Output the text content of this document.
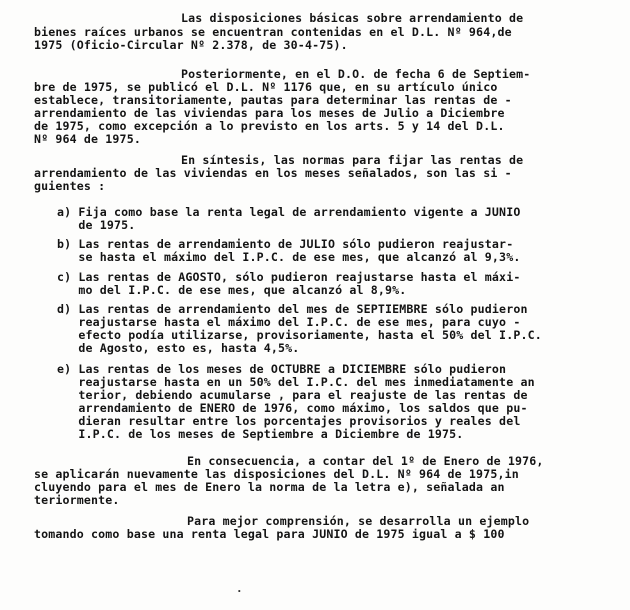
Las disposiciones básicas sobre arrendamiento de
bienes raíces urbanos se encuentran contenidas en el D.L. Nº 964,de
1975 (Oficio-Circular Nº 2.378, de 30-4-75).
Posteriormente, en el D.O. de fecha 6 de Septiem-
bre de 1975, se publicó el D.L. Nº 1176 que, en su artículo único
establece, transitoriamente, pautas para determinar las rentas de -
arrendamiento de las viviendas para los meses de Julio a Diciembre
de 1975, como excepción a lo previsto en los arts. 5 y 14 del D.L.
Nº 964 de 1975.
En síntesis, las normas para fijar las rentas de
arrendamiento de las viviendas en los meses señalados, son las si -
guientes :
a) Fija como base la renta legal de arrendamiento vigente a JUNIO
de 1975.
b) Las rentas de arrendamiento de JULIO sólo pudieron reajustar-
se hasta el máximo del I.P.C. de ese mes, que alcanzó al 9,3%.
c) Las rentas de AGOSTO, sólo pudieron reajustarse hasta el máxi-
mo del I.P.C. de ese mes, que alcanzó al 8,9%.
d) Las rentas de arrendamiento del mes de SEPTIEMBRE sólo pudieron
reajustarse hasta el máximo del I.P.C. de ese mes, para cuyo -
efecto podía utilizarse, provisoriamente, hasta el 50% del I.P.C.
de Agosto, esto es, hasta 4,5%.
e) Las rentas de los meses de OCTUBRE a DICIEMBRE sólo pudieron
reajustarse hasta en un 50% del I.P.C. del mes inmediatamente an
terior, debiendo acumularse , para el reajuste de las rentas de
arrendamiento de ENERO de 1976, como máximo, los saldos que pu-
dieran resultar entre los porcentajes provisorios y reales del
I.P.C. de los meses de Septiembre a Diciembre de 1975.
En consecuencia, a contar del 1º de Enero de 1976,
se aplicarán nuevamente las disposiciones del D.L. Nº 964 de 1975,in
cluyendo para el mes de Enero la norma de la letra e), señalada an
teriormente.
Para mejor comprensión, se desarrolla un ejemplo
tomando como base una renta legal para JUNIO de 1975 igual a $ 100
.
